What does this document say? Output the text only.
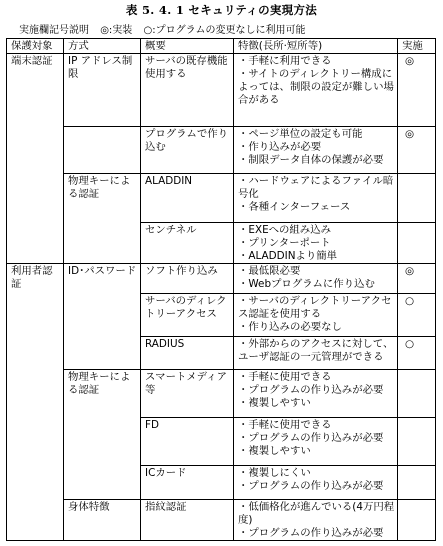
表 5. 4. 1 セキュリティの実現方法
実施欄記号説明 ◎:実装 ○:プログラムの変更なしに利用可能
保護対象	方式	概要	特徴(長所·短所等)	実施
端末認証	IP アドレス制限	サーバの既存機能使用する	・手軽に利用できる
・サイトのディレクトリー構成によっては、制限の設定が難しい場合がある	◎
		プログラムで作り込む	・ページ単位の設定も可能
・作り込みが必要
・制限データ自体の保護が必要	◎
	物理キーによる認証	ALADDIN	・ハードウェアによるファイル暗号化
・各種インターフェース	

		センチネル	・EXEへの組み込み
・プリンターポート
・ALADDINより簡単	

利用者認証	ID･パスワード	ソフト作り込み	・最低限必要
・Webプログラムに作り込む	◎
		サーバのディレクトリーアクセス	・サーバのディレクトリーアクセス認証を使用する
・作り込みの必要なし	○
		RADIUS	・外部からのアクセスに対して、ユーザ認証の一元管理ができる	○
	物理キーによる認証	スマートメディア等	・手軽に使用できる
・プログラムの作り込みが必要
・複製しやすい	

		FD	・手軽に使用できる
・プログラムの作り込みが必要
・複製しやすい	

		ICカード	・複製しにくい
・プログラムの作り込みが必要	

	身体特徴	指紋認証	・低価格化が進んでいる(4万円程度)
・プログラムの作り込みが必要	
